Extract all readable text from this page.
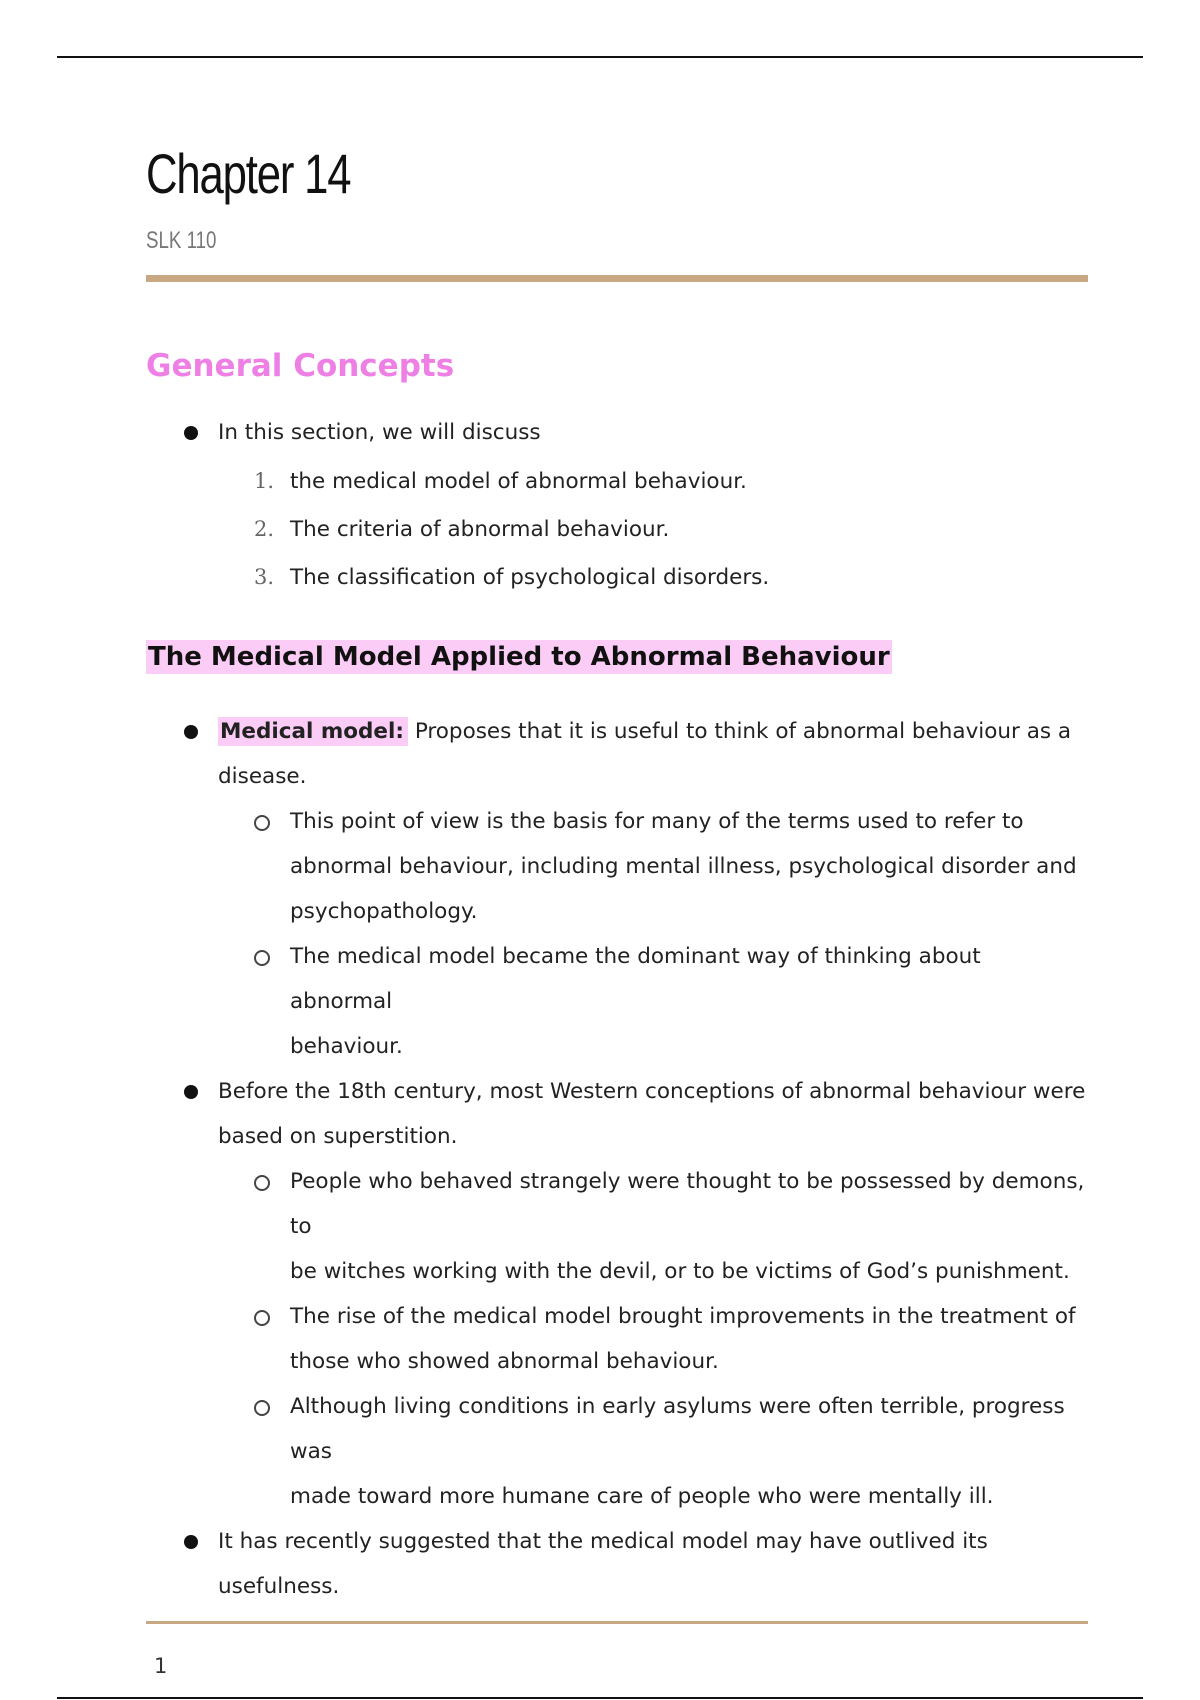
Chapter 14
SLK 110
General Concepts
In this section, we will discuss
1. the medical model of abnormal behaviour.
2. The criteria of abnormal behaviour.
3. The classification of psychological disorders.
The Medical Model Applied to Abnormal Behaviour
Medical model: Proposes that it is useful to think of abnormal behaviour as a
disease.
This point of view is the basis for many of the terms used to refer to
abnormal behaviour, including mental illness, psychological disorder and
psychopathology.
The medical model became the dominant way of thinking about abnormal
behaviour.
Before the 18th century, most Western conceptions of abnormal behaviour were
based on superstition.
People who behaved strangely were thought to be possessed by demons, to
be witches working with the devil, or to be victims of God’s punishment.
The rise of the medical model brought improvements in the treatment of
those who showed abnormal behaviour.
Although living conditions in early asylums were often terrible, progress was
made toward more humane care of people who were mentally ill.
It has recently suggested that the medical model may have outlived its usefulness.
1
